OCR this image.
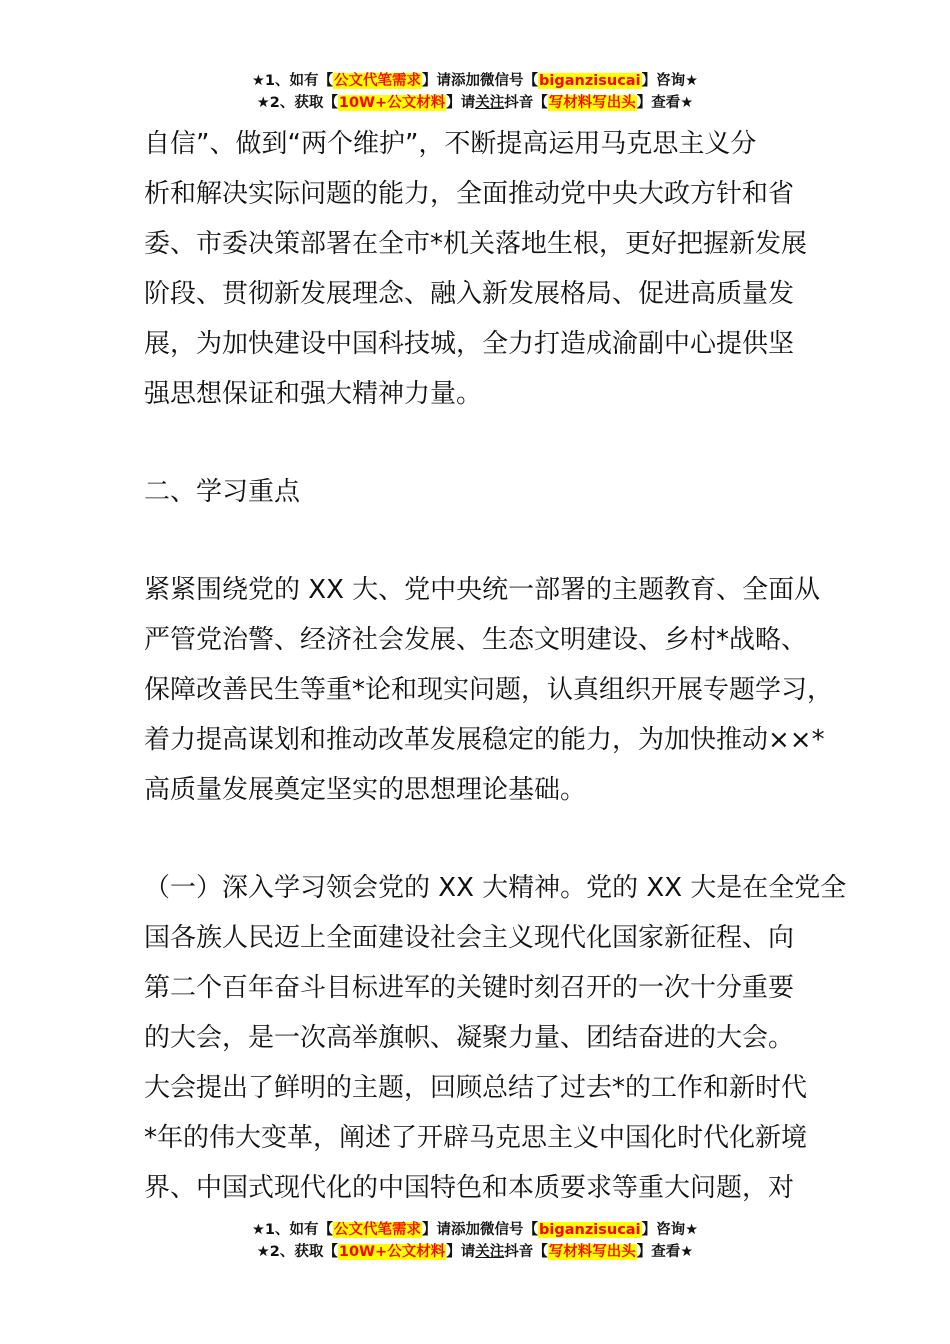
★1、如有【公文代笔需求】请添加微信号【biganzisucai】咨询★
★2、获取【10W+公文材料】请关注抖音【写材料写出头】查看★
自信”、做到“两个维护”，不断提高运用马克思主义分
析和解决实际问题的能力，全面推动党中央大政方针和省
委、市委决策部署在全市*机关落地生根，更好把握新发展
阶段、贯彻新发展理念、融入新发展格局、促进高质量发
展，为加快建设中国科技城，全力打造成渝副中心提供坚
强思想保证和强大精神力量。
二、学习重点
紧紧围绕党的 XX 大、党中央统一部署的主题教育、全面从
严管党治警、经济社会发展、生态文明建设、乡村*战略、
保障改善民生等重*论和现实问题，认真组织开展专题学习，
着力提高谋划和推动改革发展稳定的能力，为加快推动××*
高质量发展奠定坚实的思想理论基础。
（一）深入学习领会党的 XX 大精神。党的 XX 大是在全党全
国各族人民迈上全面建设社会主义现代化国家新征程、向
第二个百年奋斗目标进军的关键时刻召开的一次十分重要
的大会，是一次高举旗帜、凝聚力量、团结奋进的大会。
大会提出了鲜明的主题，回顾总结了过去*的工作和新时代
*年的伟大变革，阐述了开辟马克思主义中国化时代化新境
界、中国式现代化的中国特色和本质要求等重大问题，对
★1、如有【公文代笔需求】请添加微信号【biganzisucai】咨询★
★2、获取【10W+公文材料】请关注抖音【写材料写出头】查看★
